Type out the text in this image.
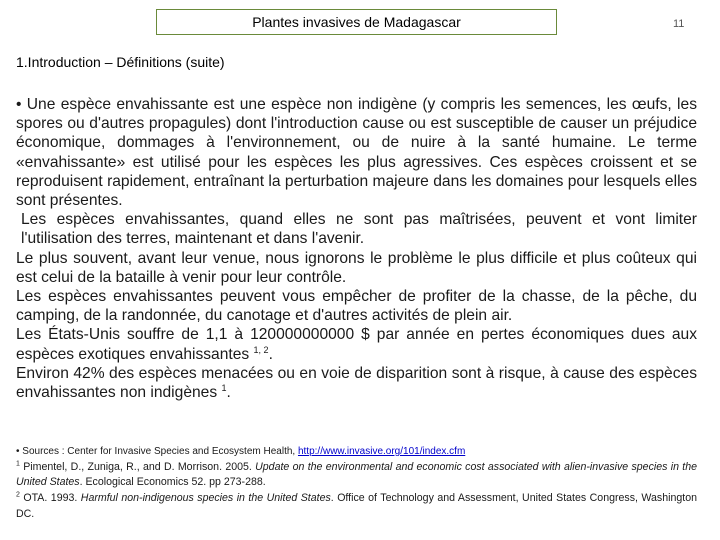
Plantes invasives de Madagascar	11
1.Introduction – Définitions (suite)

• Une espèce envahissante est une espèce non indigène (y compris les semences, les œufs, les spores ou d'autres propagules) dont l'introduction cause ou est susceptible de causer un préjudice économique, dommages à l'environnement, ou de nuire à la santé humaine. Le terme «envahissante» est utilisé pour les espèces les plus agressives. Ces espèces croissent et se reproduisent rapidement, entraînant la perturbation majeure dans les domaines pour lesquels elles sont présentes.

Les espèces envahissantes, quand elles ne sont pas maîtrisées, peuvent et vont limiter l'utilisation des terres, maintenant et dans l'avenir.

Le plus souvent, avant leur venue, nous ignorons le problème le plus difficile et plus coûteux qui est celui de la bataille à venir pour leur contrôle.

Les espèces envahissantes peuvent vous empêcher de profiter de la chasse, de la pêche, du camping, de la randonnée, du canotage et d'autres activités de plein air.

Les États-Unis souffre de 1,1 à 120000000000 $ par année en pertes économiques dues aux espèces exotiques envahissantes $^{1, 2}$.

Environ 42% des espèces menacées ou en voie de disparition sont à risque, à cause des espèces envahissantes non indigènes $^1$.

• Sources : Center for Invasive Species and Ecosystem Health, http://www.invasive.org/101/index.cfm

$^1$ Pimentel, D., Zuniga, R., and D. Morrison. 2005. Update on the environmental and economic cost associated with alien-invasive species in the United States. Ecological Economics 52. pp 273-288.

$^2$ OTA. 1993. Harmful non-indigenous species in the United States. Office of Technology and Assessment, United States Congress, Washington DC.
